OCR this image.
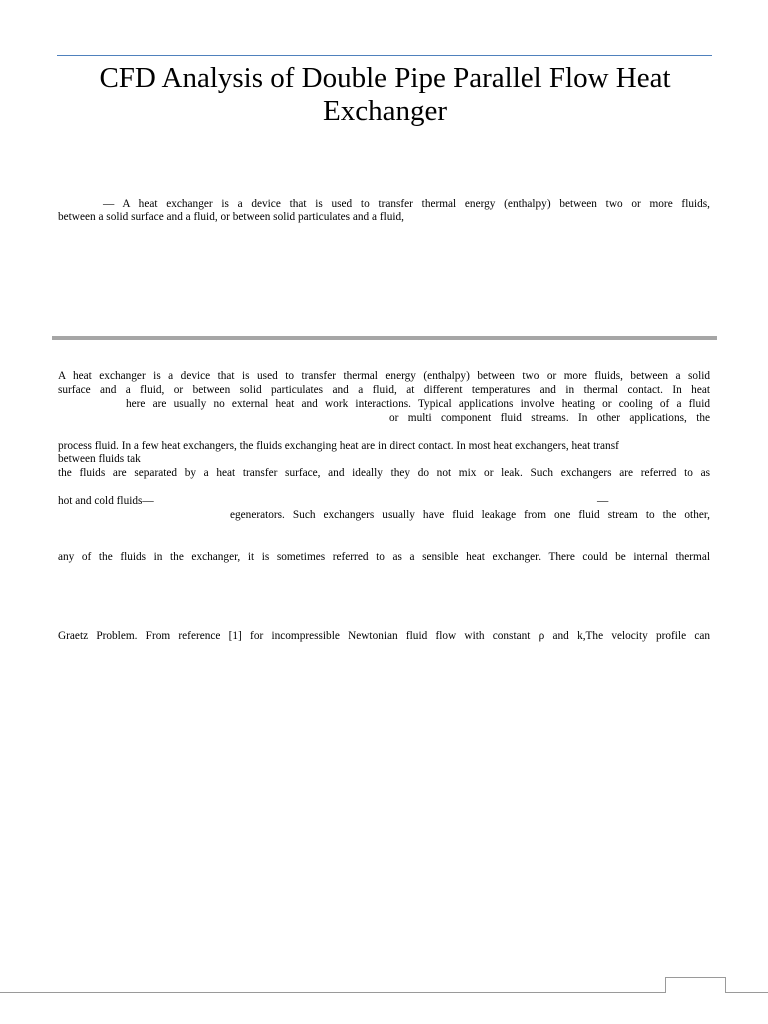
CFD Analysis of Double Pipe Parallel Flow Heat
Exchanger
— A heat exchanger is a device that is used to transfer thermal energy (enthalpy) between two or more fluids,
between a solid surface and a fluid, or between solid particulates and a fluid,
A heat exchanger is a device that is used to transfer thermal energy (enthalpy) between two or more fluids, between a solid
surface and a fluid, or between solid particulates and a fluid, at different temperatures and in thermal contact. In heat
here are usually no external heat and work interactions. Typical applications involve heating or cooling of a fluid
or multi component fluid streams. In other applications, the
process fluid. In a few heat exchangers, the fluids exchanging heat are in direct contact. In most heat exchangers, heat transf
between fluids tak
the fluids are separated by a heat transfer surface, and ideally they do not mix or leak. Such exchangers are referred to as
hot and cold fluids—	—
egenerators. Such exchangers usually have fluid leakage from one fluid stream to the other,
any of the fluids in the exchanger, it is sometimes referred to as a sensible heat exchanger. There could be internal thermal
Graetz Problem. From reference [1] for incompressible Newtonian fluid flow with constant ρ and k,The velocity profile can
